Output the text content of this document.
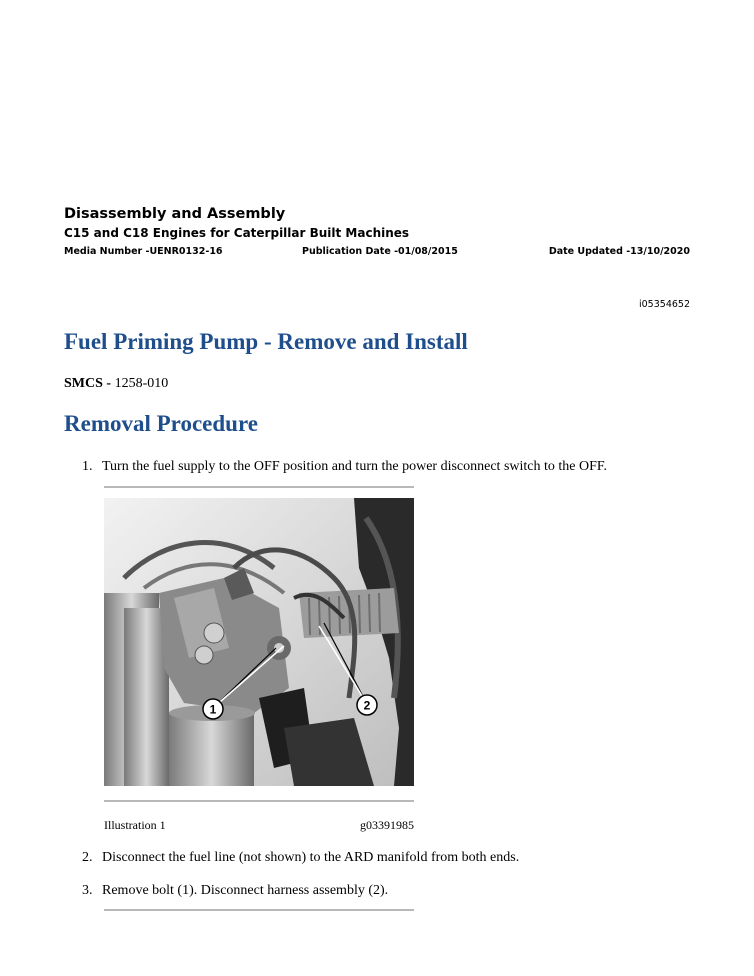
Disassembly and Assembly
C15 and C18 Engines for Caterpillar Built Machines
Media Number -UENR0132-16	Publication Date -01/08/2015	Date Updated -13/10/2020
i05354652
Fuel Priming Pump - Remove and Install
SMCS - 1258-010
Removal Procedure
1. Turn the fuel supply to the OFF position and turn the power disconnect switch to the OFF.
1	2
Illustration 1	g03391985
2. Disconnect the fuel line (not shown) to the ARD manifold from both ends.
3. Remove bolt (1). Disconnect harness assembly (2).
